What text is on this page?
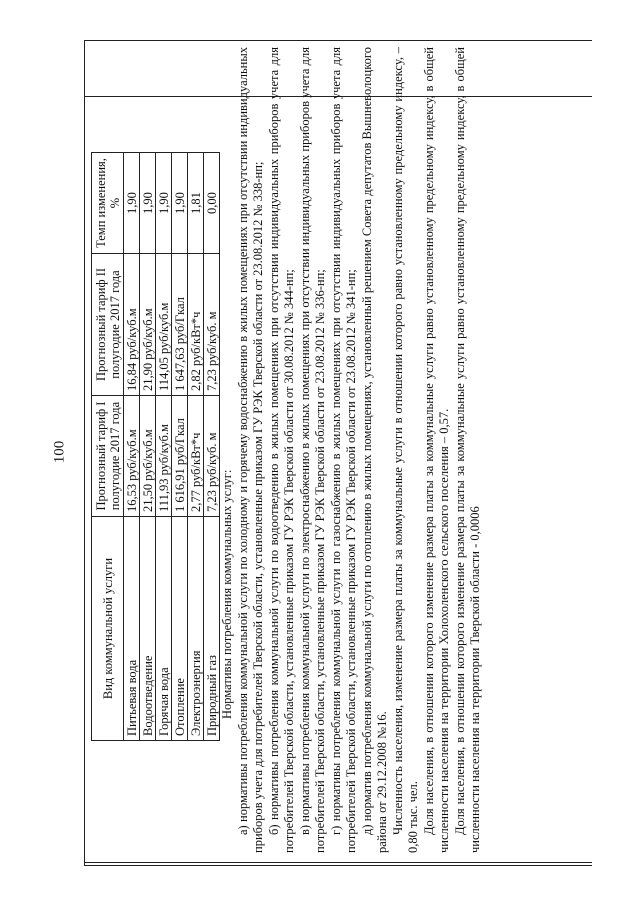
100
Вид коммунальной услуги	Прогнозный тариф I полугодие 2017 года	Прогнозный тариф II полугодие 2017 года	Темп изменения, %
Питьевая вода	16,53 руб/куб.м	16,84 руб/куб.м	1,90
Водоотведение	21,50 руб/куб.м	21,90 руб/куб.м	1,90
Горячая вода	111,93 руб/куб.м	114,05 руб/куб.м	1,90
Отопление	1 616,91 руб/Гкал	1 647,63 руб/Гкал	1,90
Электроэнергия	2,77 руб/кВт*ч	2,82 руб/кВт*ч	1,81
Природный газ	7,23 руб/куб. м	7,23 руб/куб. м	0,00

Нормативы потребления коммунальных услуг: а) нормативы потребления коммунальной услуги по холодному и горячему водоснабжению в жилых помещениях при отсутствии индивидуальных приборов учета для потребителей Тверской области, установленные приказом ГУ РЭК Тверской области от 23.08.2012 № 338-нп; б) нормативы потребления коммунальной услуги по водоотведению в жилых помещениях при отсутствии индивидуальных приборов учета для потребителей Тверской области, установленные приказом ГУ РЭК Тверской области от 30.08.2012 № 344-нп; в) нормативы потребления коммунальной услуги по электроснабжению в жилых помещениях при отсутствии индивидуальных приборов учета для потребителей Тверской области, установленные приказом ГУ РЭК Тверской области от 23.08.2012 № 336-нп; г) нормативы потребления коммунальной услуги по газоснабжению в жилых помещениях при отсутствии индивидуальных приборов учета для потребителей Тверской области, установленные приказом ГУ РЭК Тверской области от 23.08.2012 № 341-нп; д) норматив потребления коммунальной услуги по отоплению в жилых помещениях, установленный решением Совета депутатов Вышневолоцкого района от 29.12.2008 №16. Численность населения, изменение размера платы за коммунальные услуги в отношении которого равно установленному предельному индексу, – 0,80 тыс. чел. Доля населения, в отношении которого изменение размера платы за коммунальные услуги равно установленному предельному индексу, в общей численности населения на территории Холохоленского сельского поселения – 0,57. Доля населения, в отношении которого изменение размера платы за коммунальные услуги равно установленному предельному индексу, в общей численности населения на территории Тверской области - 0,0006
